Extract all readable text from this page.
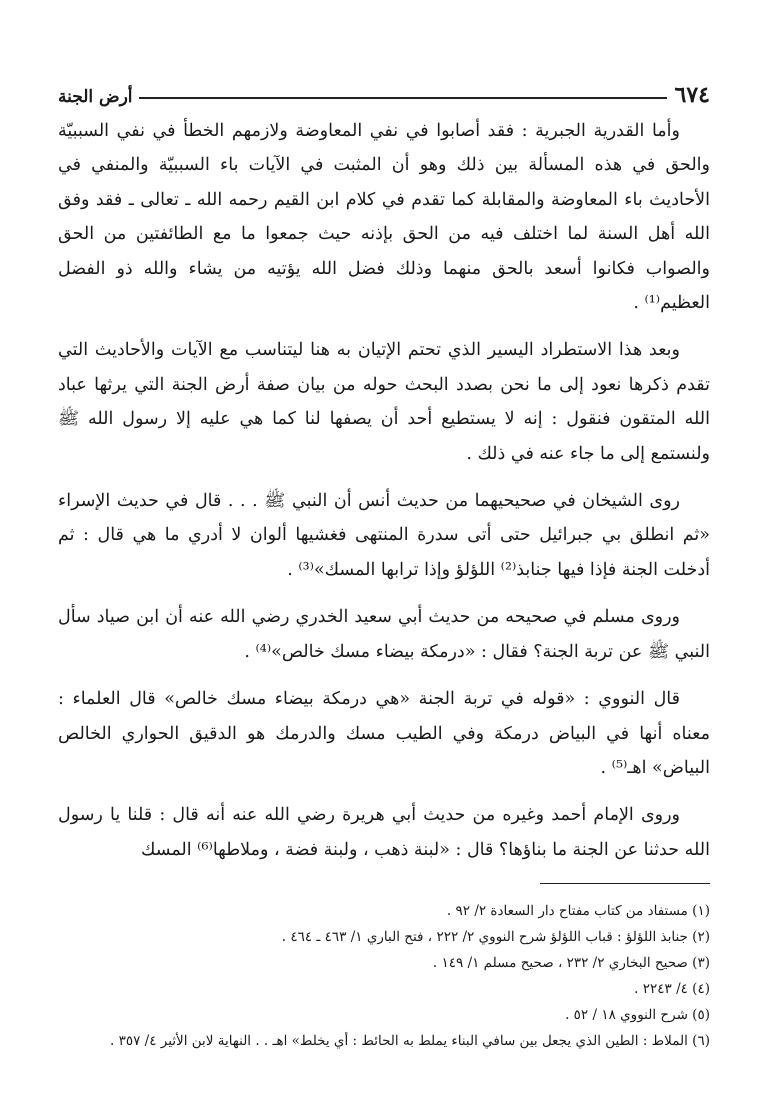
٦٧٤
أرض الجنة

وأما القدرية الجبرية : فقد أصابوا في نفي المعاوضة ولازمهم الخطأ في نفي السببيّة والحق في هذه المسألة بين ذلك وهو أن المثبت في الآيات باء السببيّة والمنفي في الأحاديث باء المعاوضة والمقابلة كما تقدم في كلام ابن القيم رحمه الله ـ تعالى ـ فقد وفق الله أهل السنة لما اختلف فيه من الحق بإذنه حيث جمعوا ما مع الطائفتين من الحق والصواب فكانوا أسعد بالحق منهما وذلك فضل الله يؤتيه من يشاء والله ذو الفضل العظيم⁽¹⁾ .

وبعد هذا الاستطراد اليسير الذي تحتم الإتيان به هنا ليتناسب مع الآيات والأحاديث التي تقدم ذكرها نعود إلى ما نحن بصدد البحث حوله من بيان صفة أرض الجنة التي يرثها عباد الله المتقون فنقول : إنه لا يستطيع أحد أن يصفها لنا كما هي عليه إلا رسول الله ﷺ ولنستمع إلى ما جاء عنه في ذلك .

روى الشيخان في صحيحيهما من حديث أنس أن النبي ﷺ . . . قال في حديث الإسراء «ثم انطلق بي جبرائيل حتى أتى سدرة المنتهى فغشيها ألوان لا أدري ما هي قال : ثم أدخلت الجنة فإذا فيها جنابذ⁽²⁾ اللؤلؤ وإذا ترابها المسك»⁽³⁾ .

وروى مسلم في صحيحه من حديث أبي سعيد الخدري رضي الله عنه أن ابن صياد سأل النبي ﷺ عن تربة الجنة؟ فقال : «درمكة بيضاء مسك خالص»⁽⁴⁾ .

قال النووي : «قوله في تربة الجنة «هي درمكة بيضاء مسك خالص» قال العلماء : معناه أنها في البياض درمكة وفي الطيب مسك والدرمك هو الدقيق الحواري الخالص البياض» اهـ⁽⁵⁾ .

وروى الإمام أحمد وغيره من حديث أبي هريرة رضي الله عنه أنه قال : قلنا يا رسول الله حدثنا عن الجنة ما بناؤها؟ قال : «لبنة ذهب ، ولبنة فضة ، وملاطها⁽⁶⁾ المسك

(١) مستفاد من كتاب مفتاح دار السعادة ٢/ ٩٢ .
(٢) جنابذ اللؤلؤ : قباب اللؤلؤ شرح النووي ٢/ ٢٢٢ ، فتح الباري ١/ ٤٦٣ ـ ٤٦٤ .
(٣) صحيح البخاري ٢/ ٢٣٢ ، صحيح مسلم ١/ ١٤٩ .
(٤) ٤/ ٢٢٤٣ .
(٥) شرح النووي ١٨ / ٥٢ .
(٦) الملاط : الطين الذي يجعل بين سافي البناء يملط به الحائط : أي يخلط» اهـ . . النهاية لابن الأثير ٤/ ٣٥٧ .
